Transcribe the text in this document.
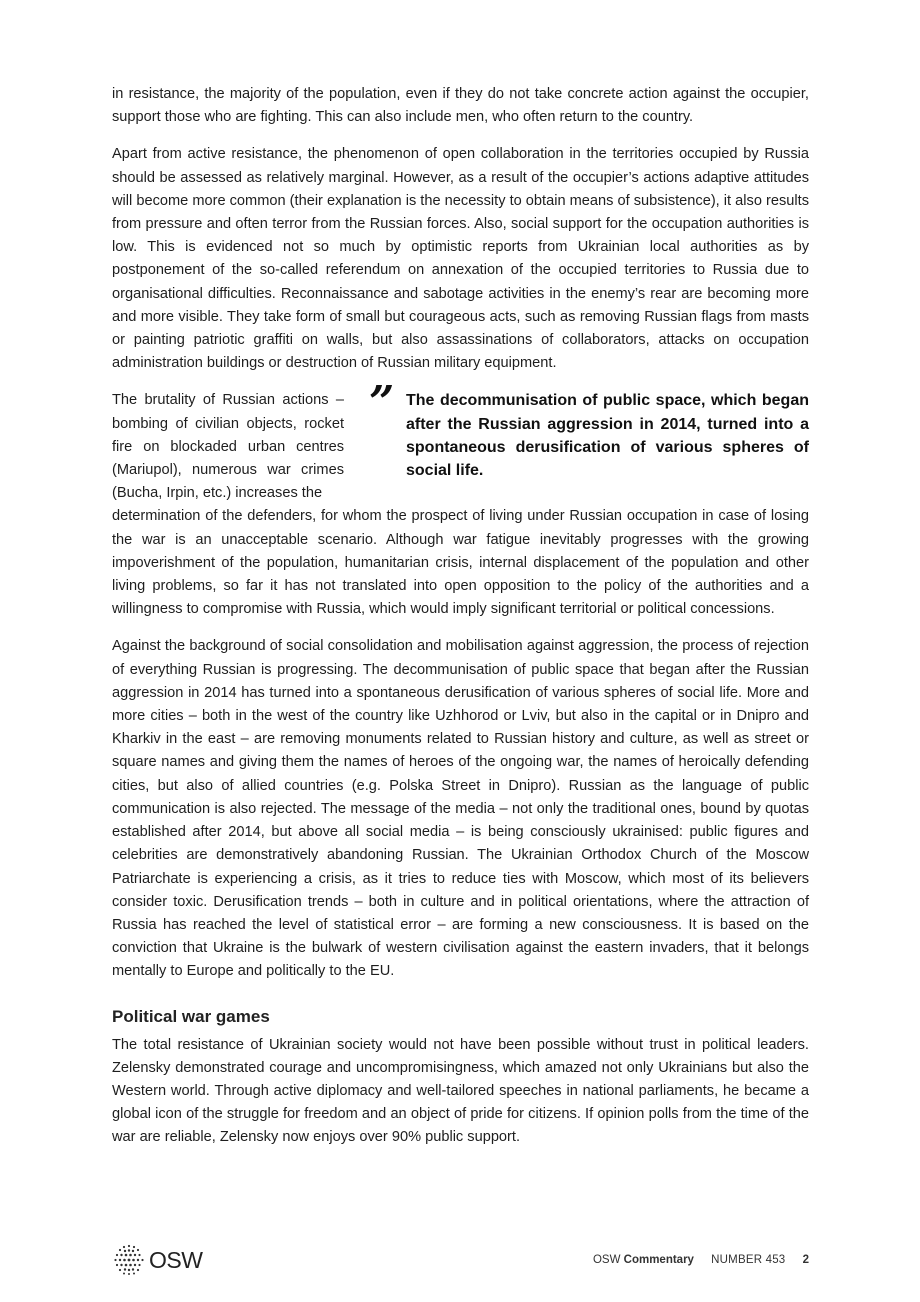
in resistance, the majority of the population, even if they do not take concrete action against the occupier, support those who are fighting. This can also include men, who often return to the country.

Apart from active resistance, the phenomenon of open collaboration in the territories occupied by Russia should be assessed as relatively marginal. However, as a result of the occupier’s actions adaptive attitudes will become more common (their explanation is the necessity to obtain means of subsistence), it also results from pressure and often terror from the Russian forces. Also, social support for the occupation authorities is low. This is evidenced not so much by optimistic reports from Ukrainian local authorities as by postponement of the so-called referendum on annexation of the occupied territories to Russia due to organisational difficulties. Reconnaissance and sabotage activities in the enemy’s rear are becoming more and more visible. They take form of small but courageous acts, such as removing Russian flags from masts or painting patriotic graffiti on walls, but also assassinations of collaborators, attacks on occupation administration buildings or destruction of Russian military equipment.

” The decommunisation of public space, which began after the Russian aggression in 2014, turned into a spontaneous derusification of various spheres of social life.

The brutality of Russian actions – bombing of civilian objects, rocket fire on blockaded urban centres (Mariupol), numerous war crimes (Bucha, Irpin, etc.) increases the

determination of the defenders, for whom the prospect of living under Russian occupation in case of losing the war is an unacceptable scenario. Although war fatigue inevitably progresses with the growing impoverishment of the population, humanitarian crisis, internal displacement of the population and other living problems, so far it has not translated into open opposition to the policy of the authorities and a willingness to compromise with Russia, which would imply significant territorial or political concessions.

Against the background of social consolidation and mobilisation against aggression, the process of rejection of everything Russian is progressing. The decommunisation of public space that began after the Russian aggression in 2014 has turned into a spontaneous derusification of various spheres of social life. More and more cities – both in the west of the country like Uzhhorod or Lviv, but also in the capital or in Dnipro and Kharkiv in the east – are removing monuments related to Russian history and culture, as well as street or square names and giving them the names of heroes of the ongoing war, the names of heroically defending cities, but also of allied countries (e.g. Polska Street in Dnipro). Russian as the language of public communication is also rejected. The message of the media – not only the traditional ones, bound by quotas established after 2014, but above all social media – is being consciously ukrainised: public figures and celebrities are demonstratively abandoning Russian. The Ukrainian Orthodox Church of the Moscow Patriarchate is experiencing a crisis, as it tries to reduce ties with Moscow, which most of its believers consider toxic. Derusification trends – both in culture and in political orientations, where the attraction of Russia has reached the level of statistical error – are forming a new consciousness. It is based on the conviction that Ukraine is the bulwark of western civilisation against the eastern invaders, that it belongs mentally to Europe and politically to the EU.

Political war games

The total resistance of Ukrainian society would not have been possible without trust in political leaders. Zelensky demonstrated courage and uncompromisingness, which amazed not only Ukrainians but also the Western world. Through active diplomacy and well-tailored speeches in national parliaments, he became a global icon of the struggle for freedom and an object of pride for citizens. If opinion polls from the time of the war are reliable, Zelensky now enjoys over 90% public support.

OSW	OSW Commentary NUMBER 453 2
